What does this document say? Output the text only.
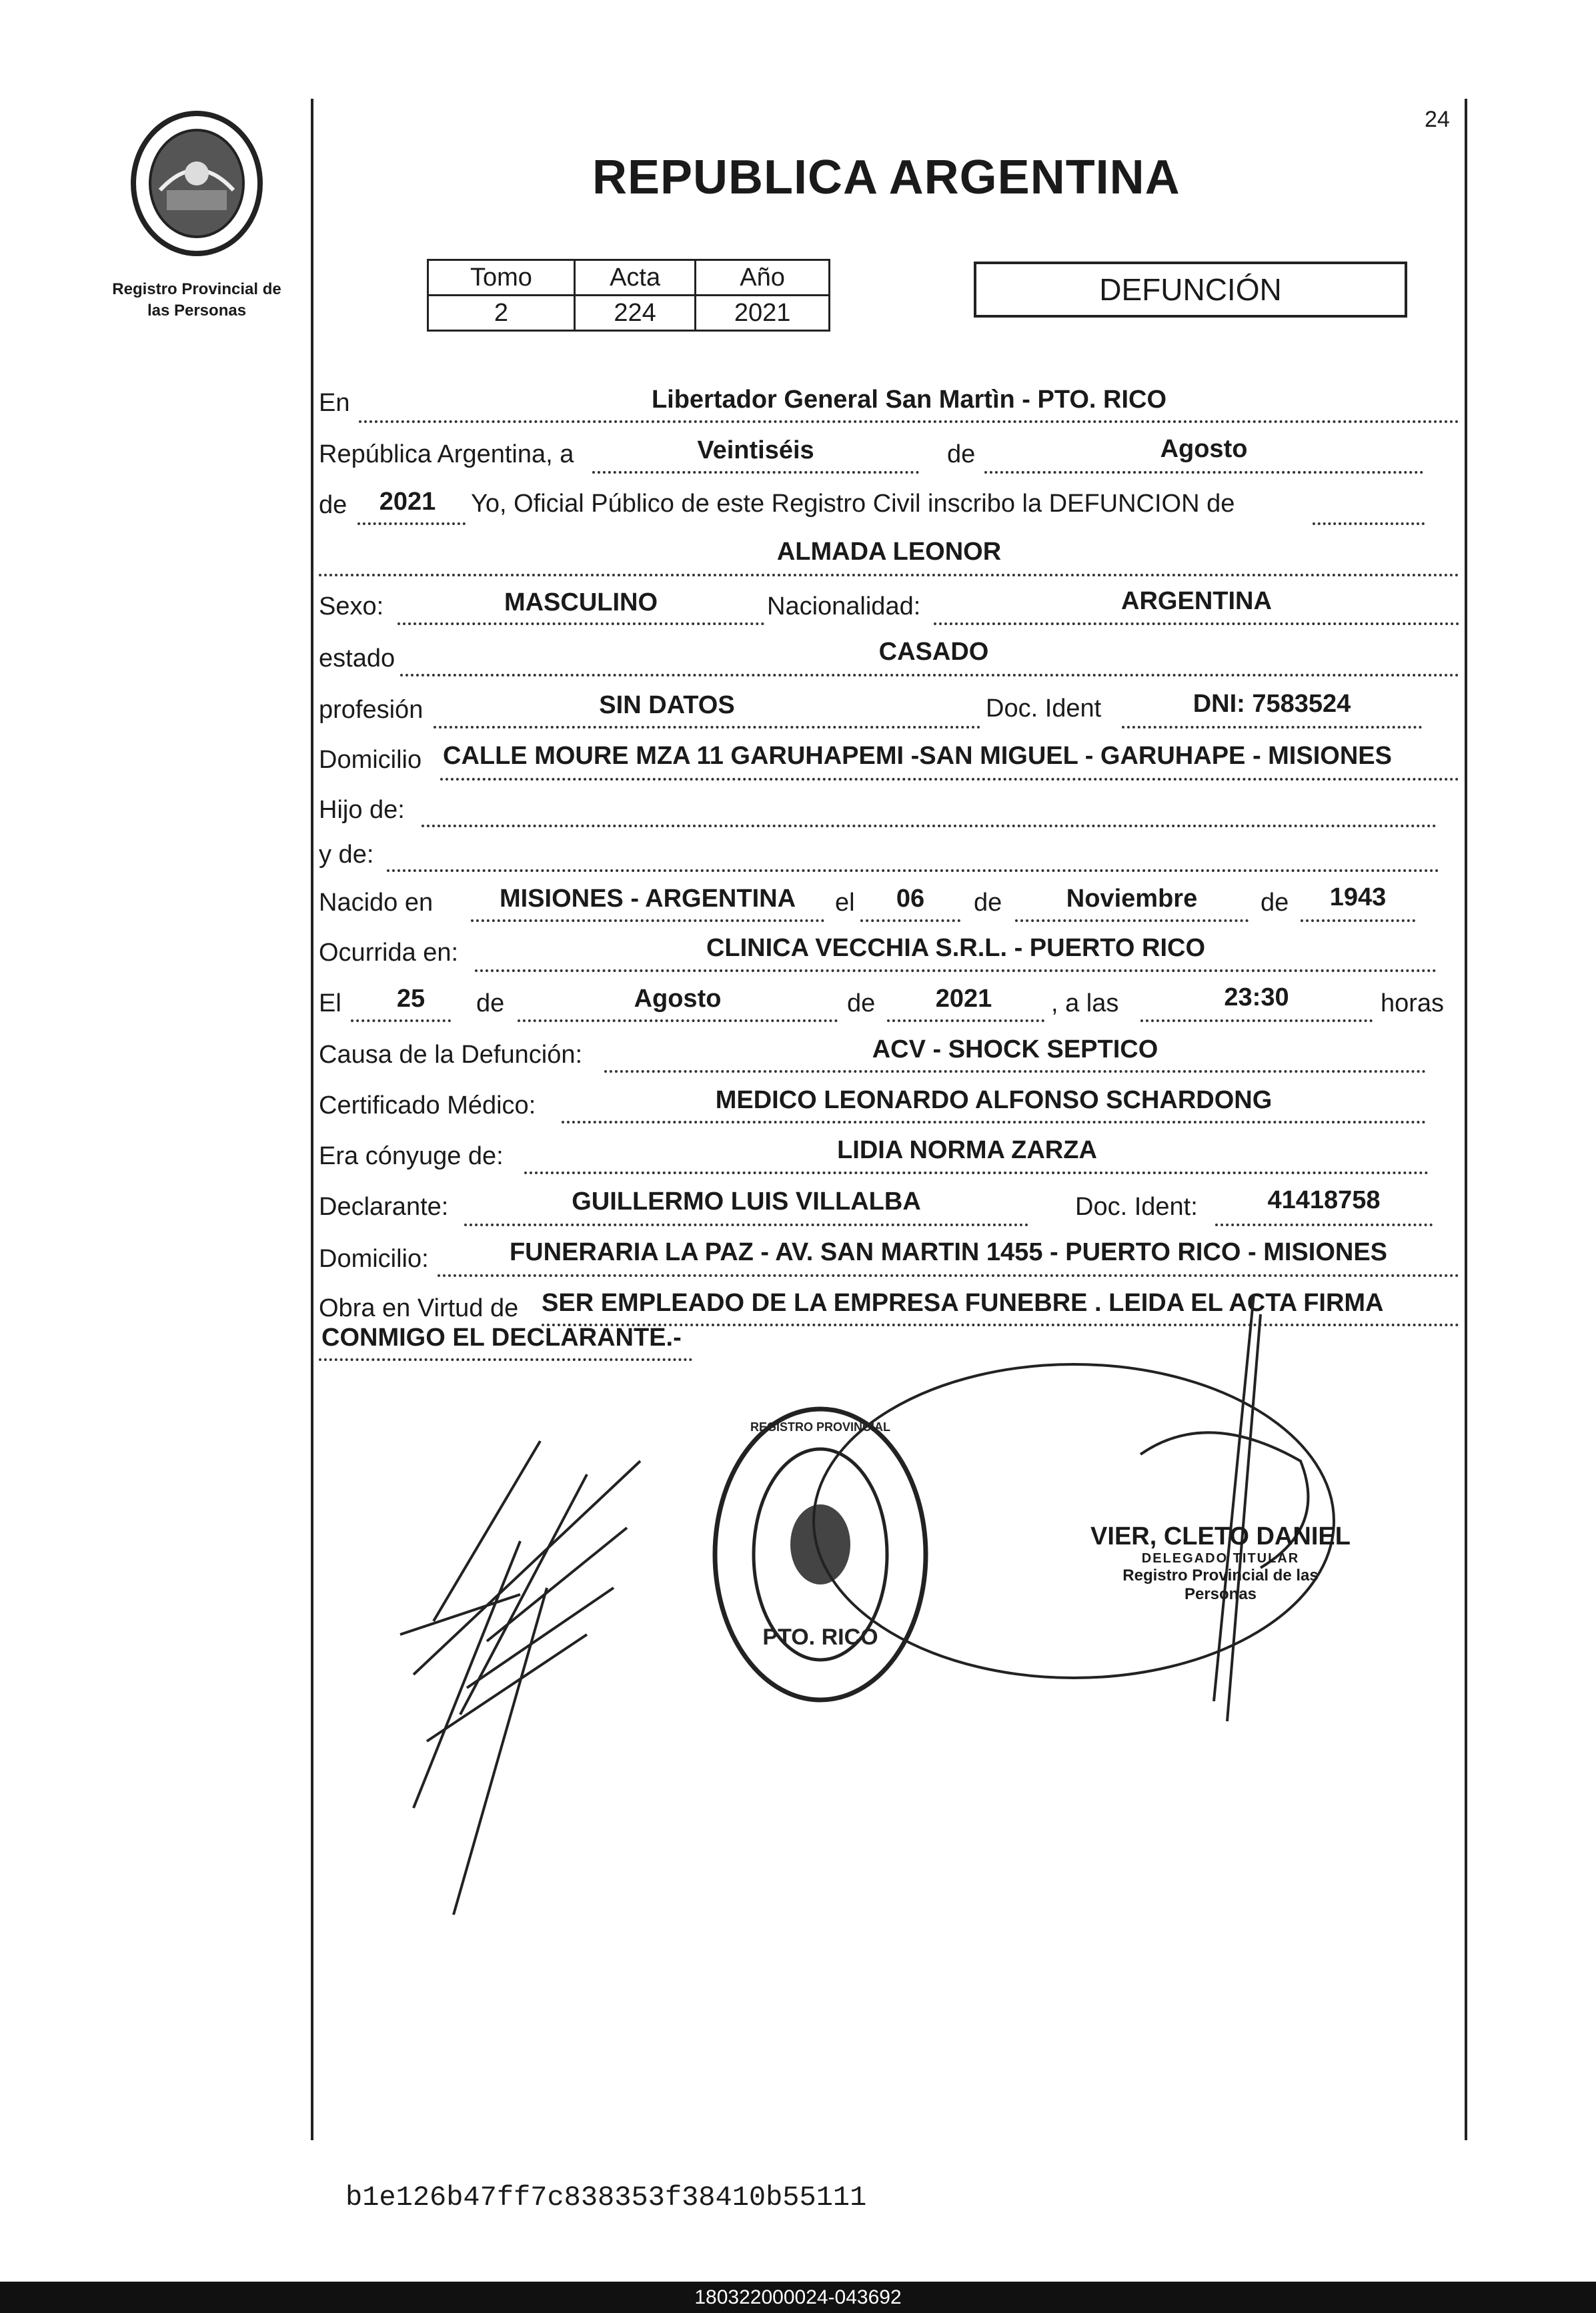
Registro Provincial de
las Personas
24
REPUBLICA ARGENTINA
Tomo	Acta	Año
2	224	2021
DEFUNCIÓN
En	Libertador General San Martìn - PTO. RICO
República Argentina, a	Veintiséis	de	Agosto
de	2021	Yo, Oficial Público de este Registro Civil inscribo la DEFUNCION de
ALMADA LEONOR
Sexo:	MASCULINO	Nacionalidad:	ARGENTINA
estado	CASADO
profesión	SIN DATOS	Doc. Ident	DNI: 7583524
Domicilio CALLE MOURE MZA 11 GARUHAPEMI -SAN MIGUEL - GARUHAPE - MISIONES
Hijo de:
y de:
Nacido en	MISIONES - ARGENTINA	el	06	de	Noviembre	de	1943
Ocurrida en:	CLINICA VECCHIA S.R.L. - PUERTO RICO
El	25	de	Agosto	de	2021	, a las	23:30	horas
Causa de la Defunción:	ACV - SHOCK SEPTICO
Certificado Médico:	MEDICO LEONARDO ALFONSO SCHARDONG
Era cónyuge de:	LIDIA NORMA ZARZA
Declarante:	GUILLERMO LUIS VILLALBA	Doc. Ident:	41418758
Domicilio:	FUNERARIA LA PAZ - AV. SAN MARTIN 1455 - PUERTO RICO - MISIONES
Obra en Virtud de SER EMPLEADO DE LA EMPRESA FUNEBRE . LEIDA EL ACTA FIRMA
CONMIGO EL DECLARANTE.-
PTO. RICO
REGISTRO PROVINCIAL
VIER, CLETO DANIEL
DELEGADO TITULAR
Registro Provincial de las Personas
b1e126b47ff7c838353f38410b55111
180322000024-043692
